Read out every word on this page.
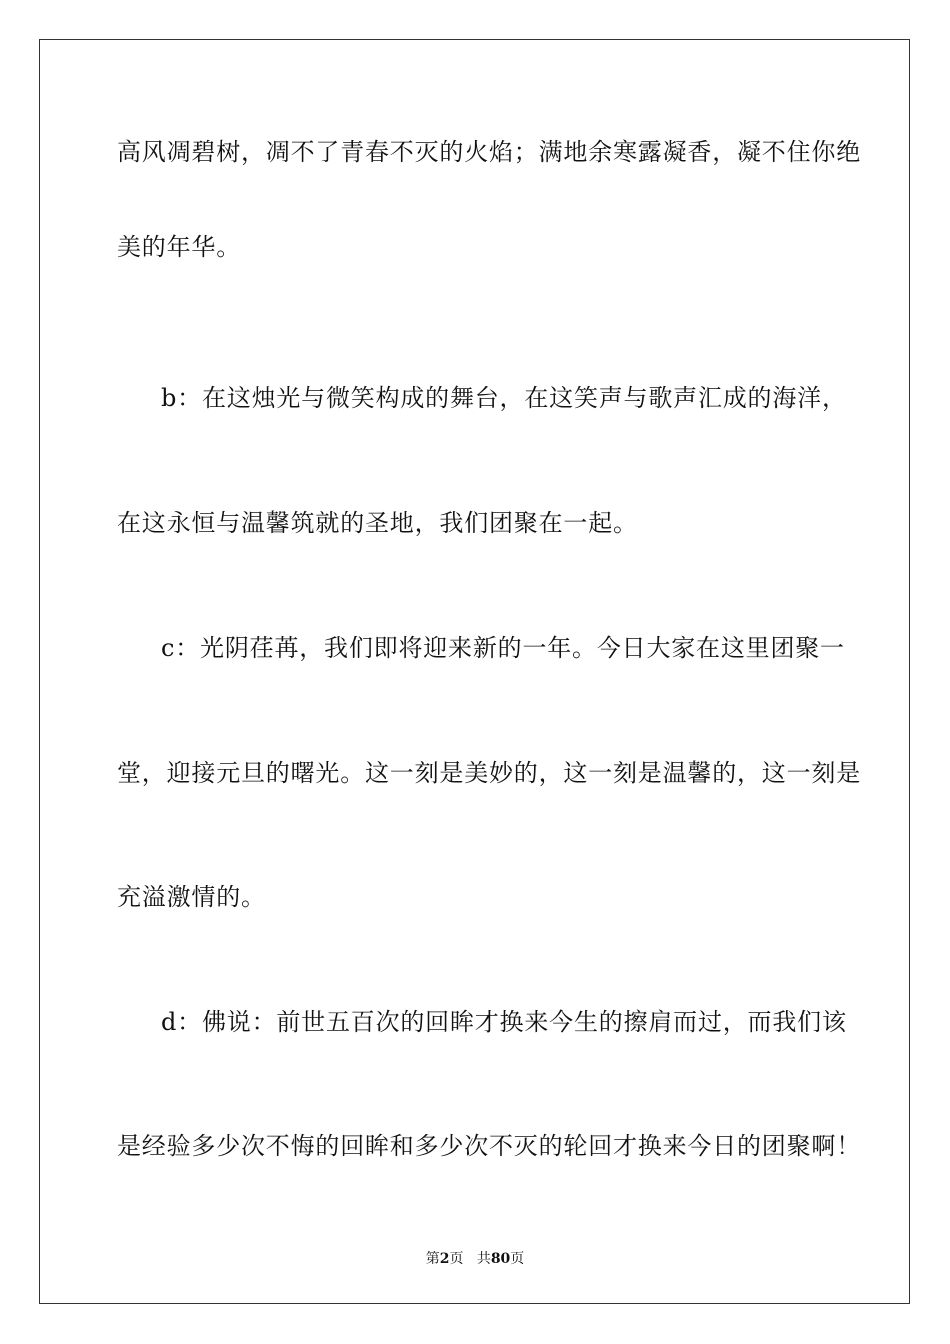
高风凋碧树，凋不了青春不灭的火焰；满地余寒露凝香，凝不住你绝
美的年华。
b：在这烛光与微笑构成的舞台，在这笑声与歌声汇成的海洋，
在这永恒与温馨筑就的圣地，我们团聚在一起。
c：光阴荏苒，我们即将迎来新的一年。今日大家在这里团聚一
堂，迎接元旦的曙光。这一刻是美妙的，这一刻是温馨的，这一刻是
充溢激情的。
d：佛说：前世五百次的回眸才换来今生的擦肩而过，而我们该
是经验多少次不悔的回眸和多少次不灭的轮回才换来今日的团聚啊！
第2页 共80页
